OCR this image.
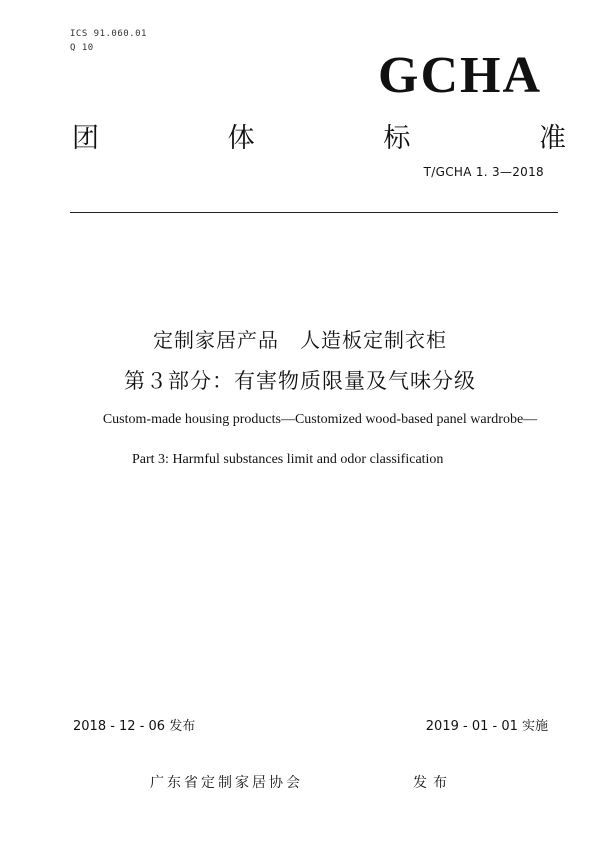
ICS 91.060.01
Q 10	GCHA
团	体	标	准
T/GCHA 1. 3—2018
定制家居产品　人造板定制衣柜
第３部分：有害物质限量及气味分级
Custom-made housing products—Customized wood-based panel wardrobe—
Part 3: Harmful substances limit and odor classification
2018 - 12 - 06 发布	2019 - 01 - 01 实施
广东省定制家居协会	发布
